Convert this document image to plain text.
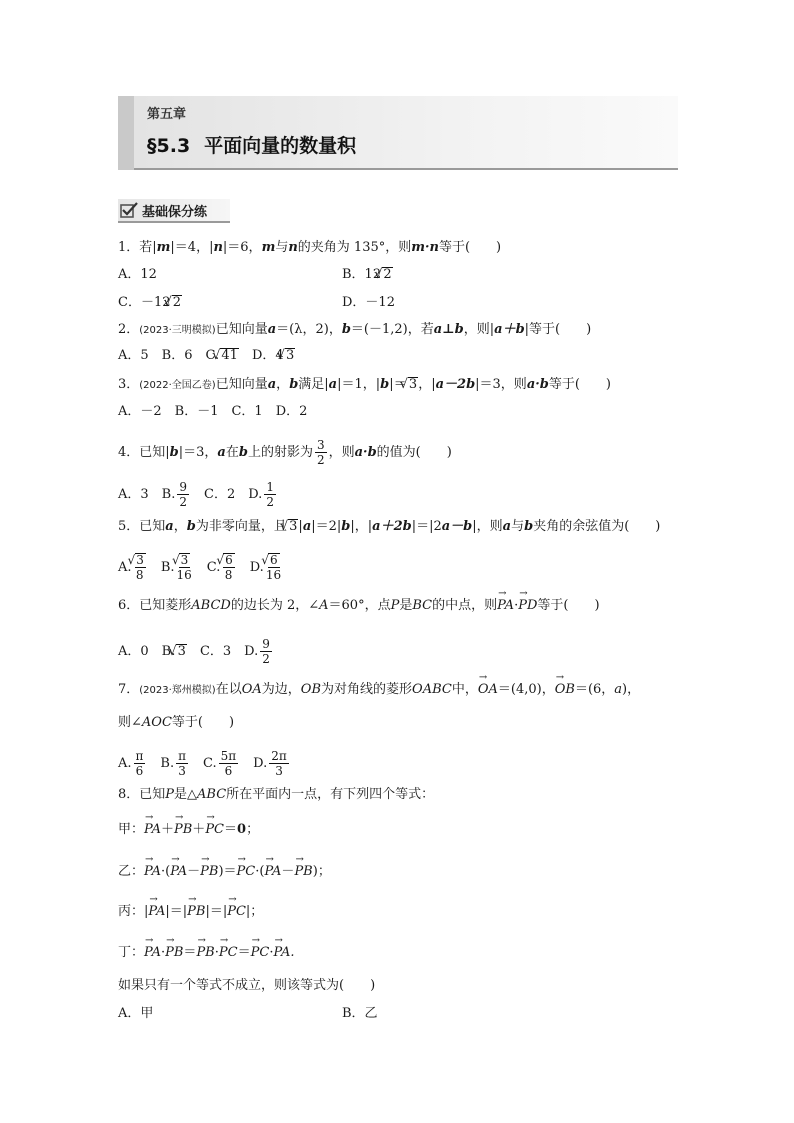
第五章
§5.3 平面向量的数量积
基础保分练
1．若|m|＝4，|n|＝6，m与n的夹角为 135°，则m·n等于(　　)
A．12	B．12 √ 2
C．－12 √ 2	D．－12
2．(2023·三明模拟)已知向量a＝(λ，2)，b＝(－1,2)，若a⊥b，则|a＋b|等于(　　)
A．5　B．6　C. √ 41　D．4 √ 3
3．(2022·全国乙卷)已知向量a，b满足|a|＝1，|b|＝ √ 3，|a－2b|＝3，则a·b等于(　　)
A．－2　B．－1　C．1　D．2
4．已知|b|＝3，a在b上的射影为 $\frac{3}{2}$ ，则a·b的值为(　　)
A．3　B. $\frac{9}{2}$ 　C．2　D. $\frac{1}{2}$
5．已知a，b为非零向量，且 √ 3|a|＝2|b|，|a＋2b|＝|2a－b|，则a与b夹角的余弦值为(　　)
A. √ $\frac{3}{8}$ 　B. √ $\frac{3}{16}$ 　C. √ $\frac{6}{8}$ 　D. √ $\frac{6}{16}$
6．已知菱形ABCD的边长为 2，∠A＝60°，点P是BC的中点，则→ PA·→ PD等于(　　)
A．0　B. √ 3　C．3　D. $\frac{9}{2}$
7．(2023·郑州模拟)在以OA为边，OB为对角线的菱形OABC中，→ OA＝(4,0)，→ OB＝(6，a)，
则∠AOC等于(　　)
A. $\frac{\pi}{6}$ 　B. $\frac{\pi}{3}$ 　C. $\frac{5\pi}{6}$ 　D. $\frac{2\pi}{3}$
8．已知P是△ABC所在平面内一点，有下列四个等式：
甲：→ PA＋→ PB＋→ PC＝0；
乙：→ PA·(→ PA－→ PB)＝→ PC·(→ PA－→ PB)；
丙：|→ PA|＝|→ PB|＝|→ PC|；
丁：→ PA·→ PB＝→ PB·→ PC＝→ PC·→ PA.
如果只有一个等式不成立，则该等式为(　　)
A．甲	B．乙
